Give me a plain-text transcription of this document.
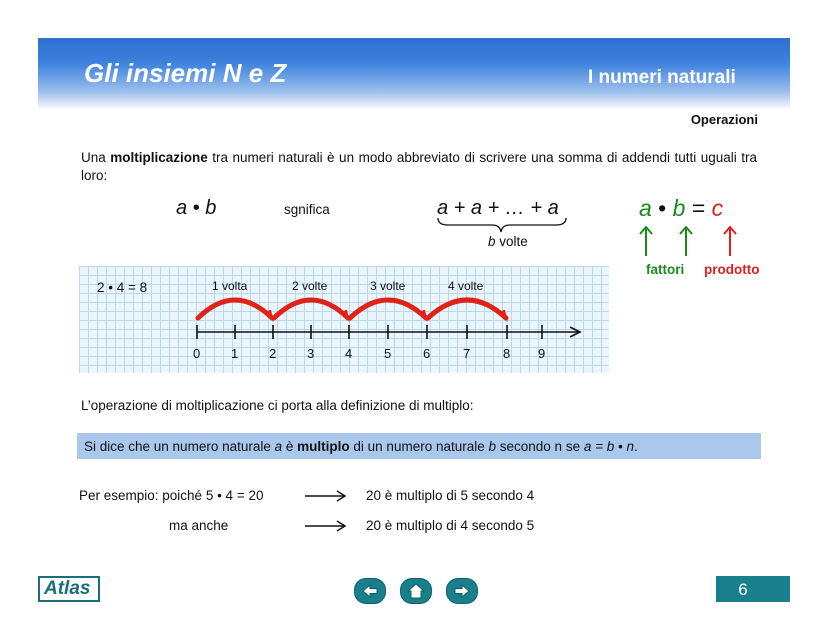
Gli insiemi N e Z	I numeri naturali
Operazioni
Una moltiplicazione tra numeri naturali è un modo abbreviato di scrivere una somma di addendi tutti uguali tra loro:
a • b	sgnifica	a + a + … + a
b volte
a • b = c
fattori prodotto
2 • 4 = 8	1 volta	2 volte	3 volte	4 volte
0 1 2 3 4 5 6	7	8 9
L’operazione di moltiplicazione ci porta alla definizione di multiplo:
Si dice che un numero naturale a è multiplo di un numero naturale b secondo n se a = b • n.
Per esempio: poiché 5 • 4 = 20	20 è multiplo di 5 secondo 4
ma anche	20 è multiplo di 4 secondo 5
Atlas	6
